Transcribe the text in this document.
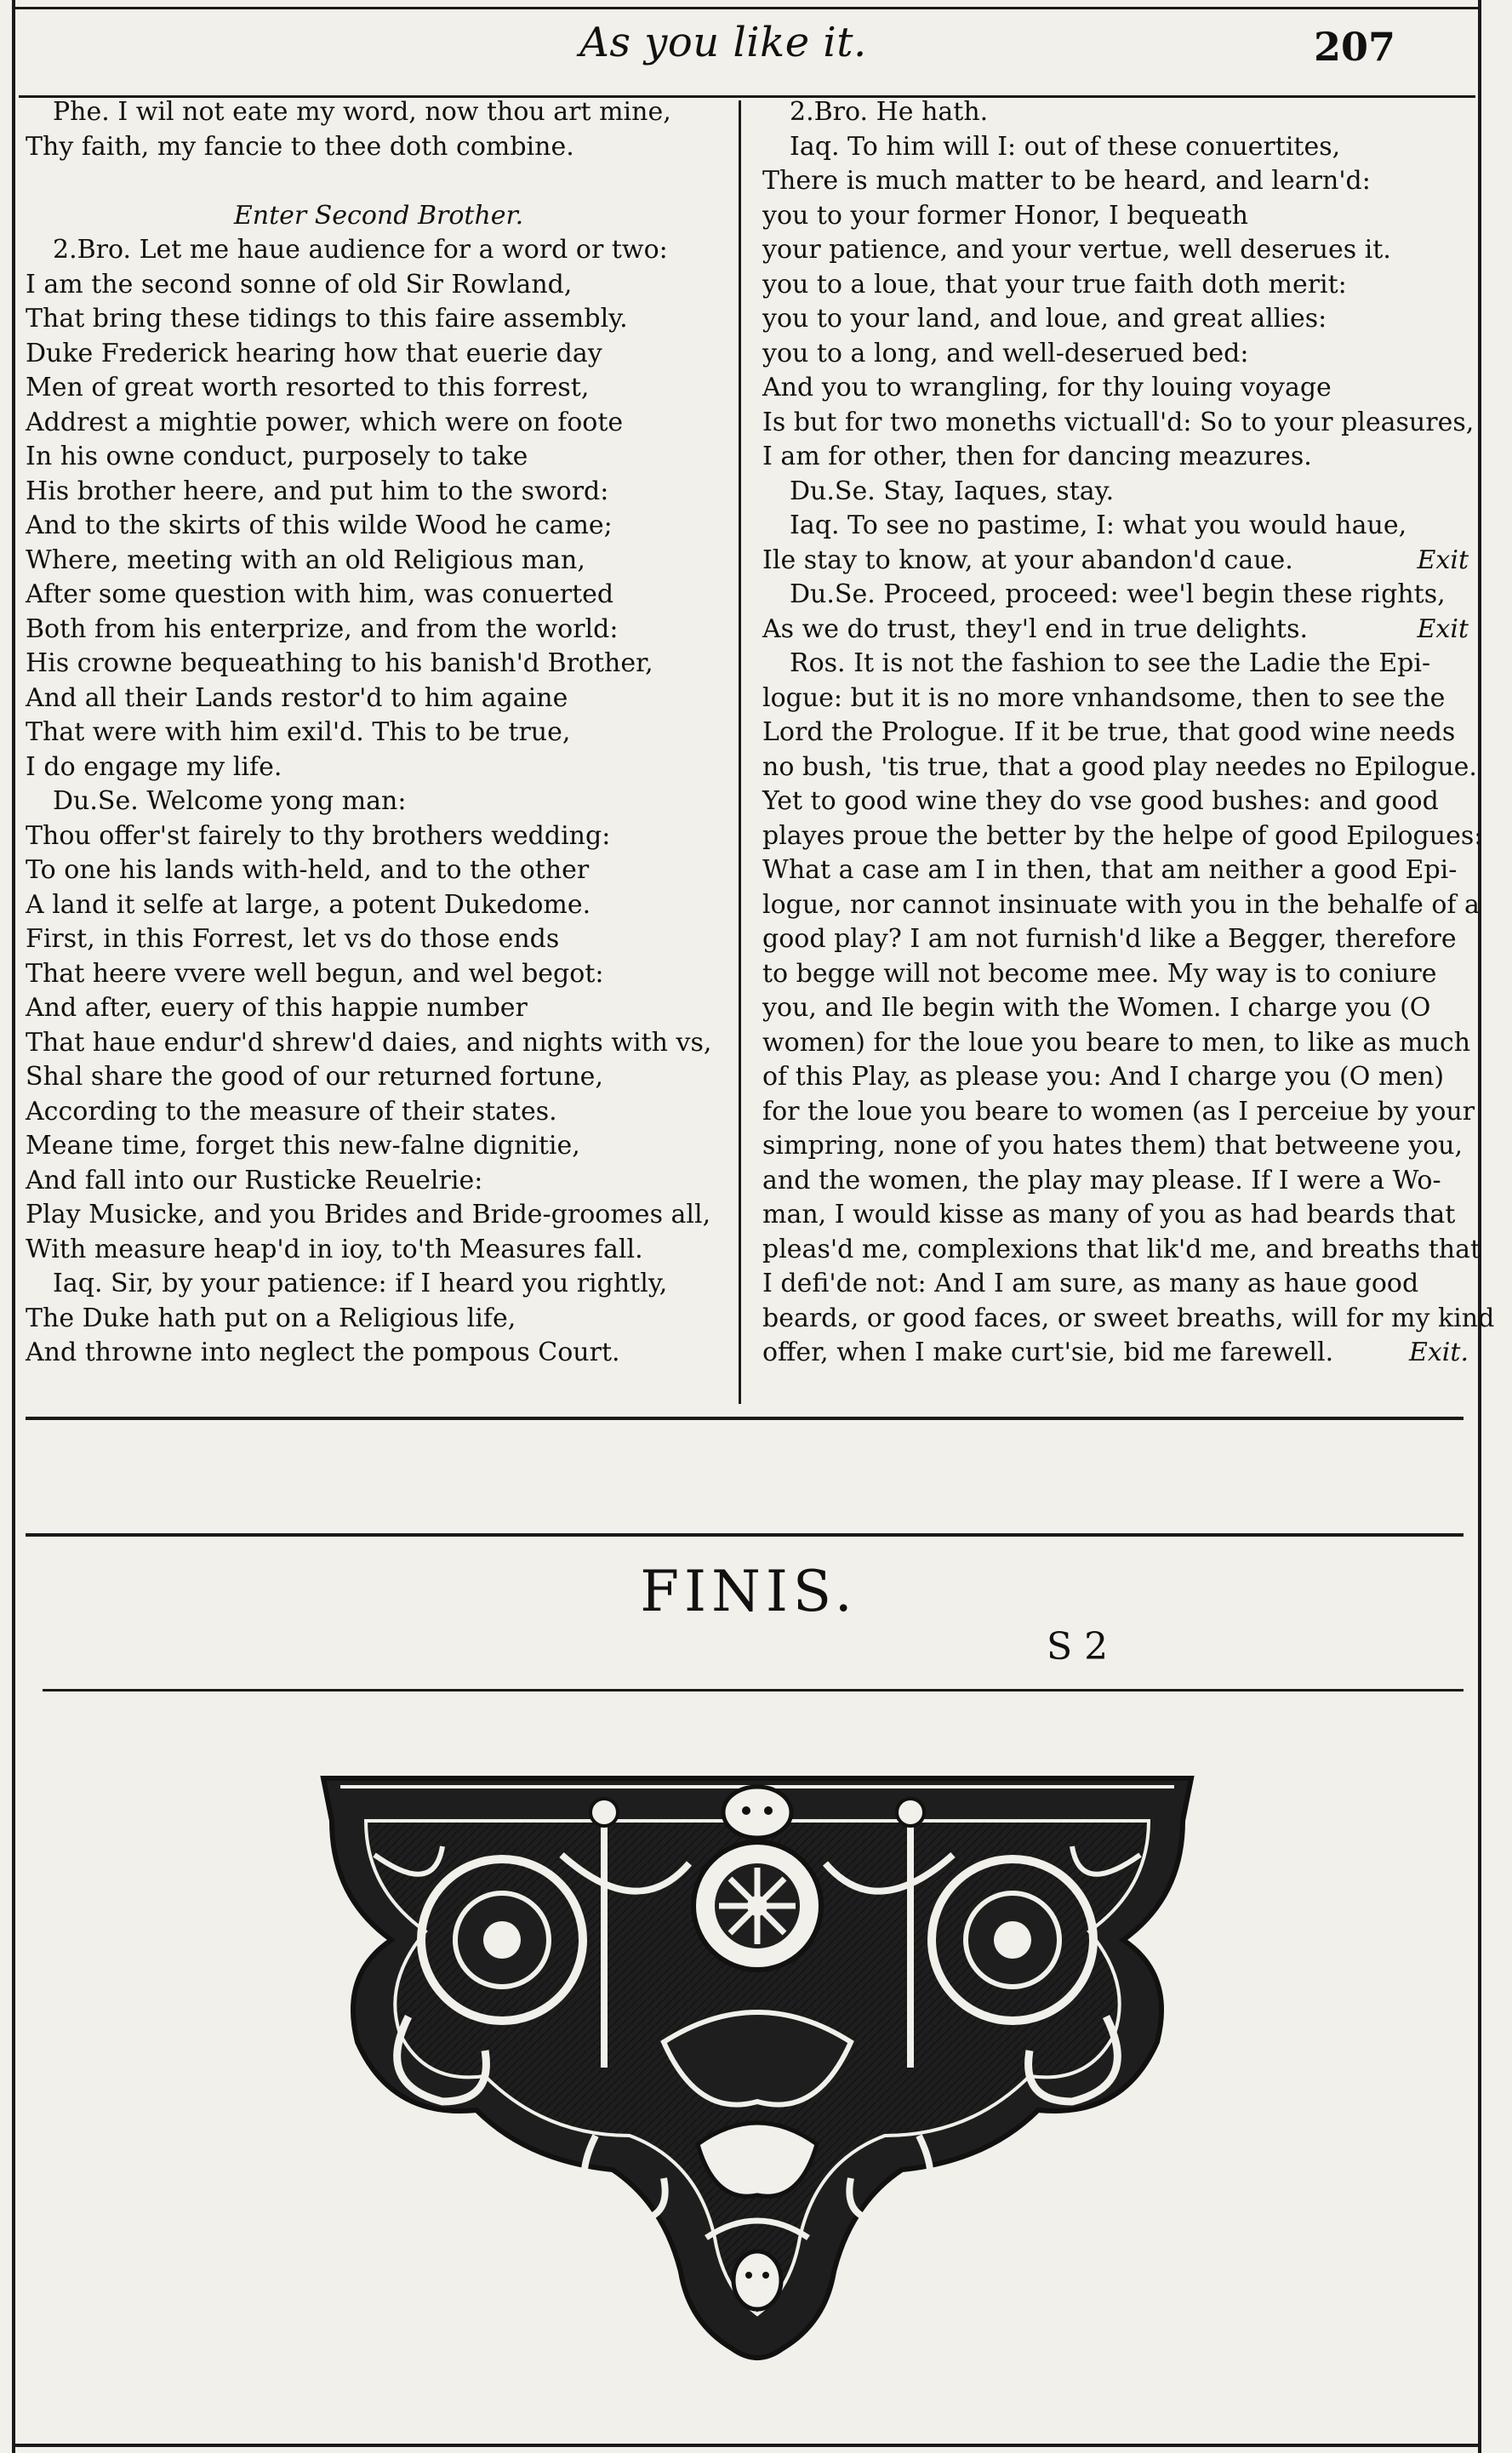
As you like it.	207
Phe. I wil not eate my word, now thou art mine,
Thy faith, my fancie to thee doth combine.
Enter Second Brother.
2.Bro. Let me haue audience for a word or two:
I am the second sonne of old Sir Rowland,
That bring these tidings to this faire assembly.
Duke Frederick hearing how that euerie day
Men of great worth resorted to this forrest,
Addrest a mightie power, which were on foote
In his owne conduct, purposely to take
His brother heere, and put him to the sword:
And to the skirts of this wilde Wood he came;
Where, meeting with an old Religious man,
After some question with him, was conuerted
Both from his enterprize, and from the world:
His crowne bequeathing to his banish'd Brother,
And all their Lands restor'd to him againe
That were with him exil'd. This to be true,
I do engage my life.
Du.Se. Welcome yong man:
Thou offer'st fairely to thy brothers wedding:
To one his lands with-held, and to the other
A land it selfe at large, a potent Dukedome.
First, in this Forrest, let vs do those ends
That heere vvere well begun, and wel begot:
And after, euery of this happie number
That haue endur'd shrew'd daies, and nights with vs,
Shal share the good of our returned fortune,
According to the measure of their states.
Meane time, forget this new-falne dignitie,
And fall into our Rusticke Reuelrie:
Play Musicke, and you Brides and Bride-groomes all,
With measure heap'd in ioy, to'th Measures fall.
Iaq. Sir, by your patience: if I heard you rightly,
The Duke hath put on a Religious life,
And throwne into neglect the pompous Court.
2.Bro. He hath.
Iaq. To him will I: out of these conuertites,
There is much matter to be heard, and learn'd:
you to your former Honor, I bequeath
your patience, and your vertue, well deserues it.
you to a loue, that your true faith doth merit:
you to your land, and loue, and great allies:
you to a long, and well-deserued bed:
And you to wrangling, for thy louing voyage
Is but for two moneths victuall'd: So to your pleasures,
I am for other, then for dancing meazures.
Du.Se. Stay, Iaques, stay.
Iaq. To see no pastime, I: what you would haue,
Ile stay to know, at your abandon'd caue.	Exit
Du.Se. Proceed, proceed: wee'l begin these rights,
As we do trust, they'l end in true delights.	Exit
Ros. It is not the fashion to see the Ladie the Epi-
logue: but it is no more vnhandsome, then to see the
Lord the Prologue. If it be true, that good wine needs
no bush, 'tis true, that a good play needes no Epilogue.
Yet to good wine they do vse good bushes: and good
playes proue the better by the helpe of good Epilogues:
What a case am I in then, that am neither a good Epi-
logue, nor cannot insinuate with you in the behalfe of a
good play? I am not furnish'd like a Begger, therefore
to begge will not become mee. My way is to coniure
you, and Ile begin with the Women. I charge you (O
women) for the loue you beare to men, to like as much
of this Play, as please you: And I charge you (O men)
for the loue you beare to women (as I perceiue by your
simpring, none of you hates them) that betweene you,
and the women, the play may please. If I were a Wo-
man, I would kisse as many of you as had beards that
pleas'd me, complexions that lik'd me, and breaths that
I defi'de not: And I am sure, as many as haue good
beards, or good faces, or sweet breaths, will for my kind
offer, when I make curt'sie, bid me farewell.	Exit.
FINIS.
S 2
